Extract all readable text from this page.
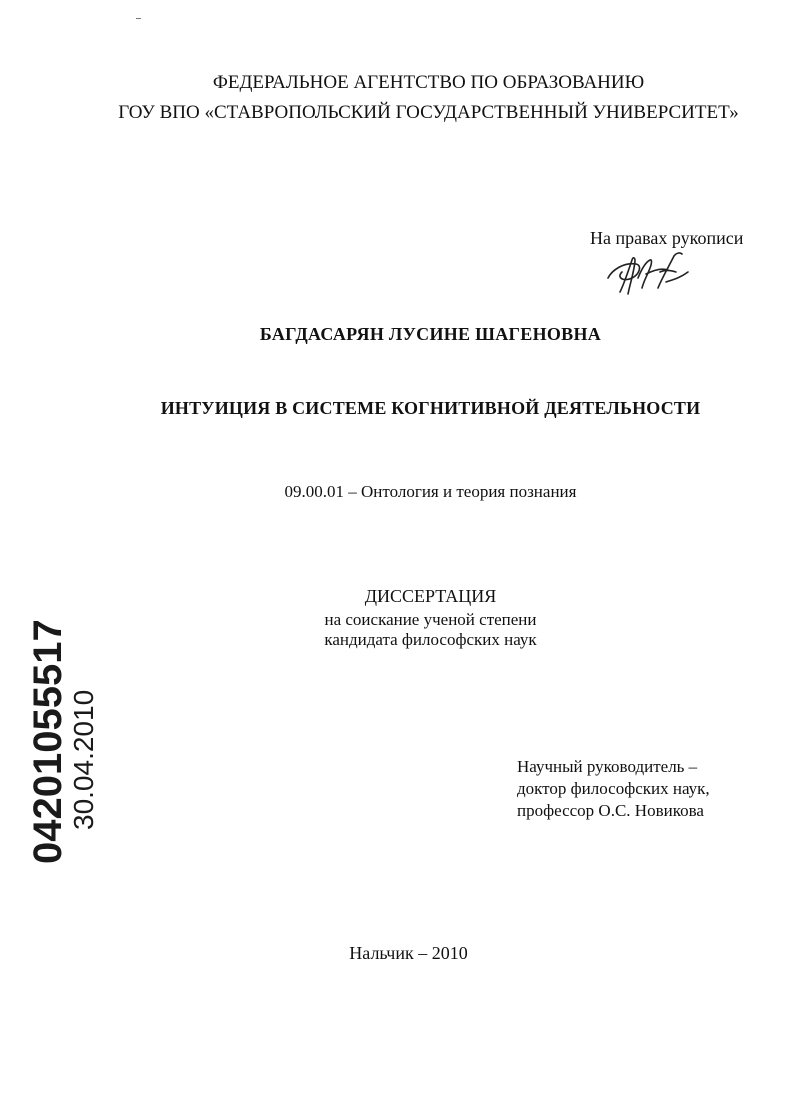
ФЕДЕРАЛЬНОЕ АГЕНТСТВО ПО ОБРАЗОВАНИЮ
ГОУ ВПО «СТАВРОПОЛЬСКИЙ ГОСУДАРСТВЕННЫЙ УНИВЕРСИТЕТ»
На правах рукописи
БАГДАСАРЯН ЛУСИНЕ ШАГЕНОВНА
ИНТУИЦИЯ В СИСТЕМЕ КОГНИТИВНОЙ ДЕЯТЕЛЬНОСТИ
09.00.01 – Онтология и теория познания
ДИССЕРТАЦИЯ
на соискание ученой степени
кандидата философских наук
Научный руководитель –
доктор философских наук,
профессор О.С. Новикова
Нальчик – 2010
04201055517
30.04.2010
